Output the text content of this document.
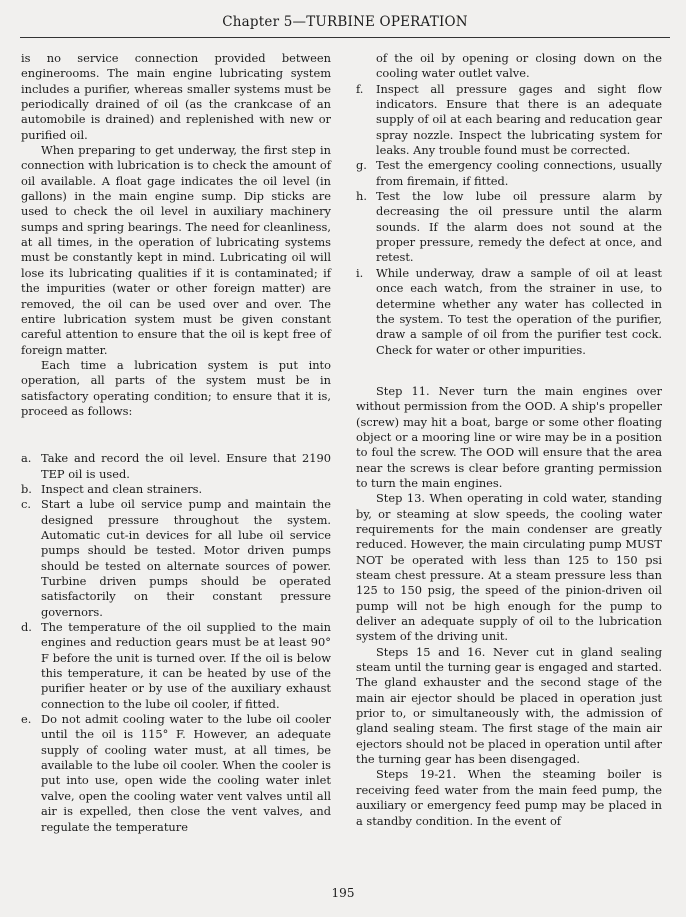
Chapter 5—TURBINE OPERATION

is no service connection provided between enginerooms. The main engine lubricating system includes a purifier, whereas smaller systems must be periodically drained of oil (as the crankcase of an automobile is drained) and replenished with new or purified oil.

When preparing to get underway, the first step in connection with lubrication is to check the amount of oil available. A float gage indicates the oil level (in gallons) in the main engine sump. Dip sticks are used to check the oil level in auxiliary machinery sumps and spring bearings. The need for cleanliness, at all times, in the operation of lubricating systems must be constantly kept in mind. Lubricating oil will lose its lubricating qualities if it is contaminated; if the impurities (water or other foreign matter) are removed, the oil can be used over and over. The entire lubrication system must be given constant careful attention to ensure that the oil is kept free of foreign matter.

Each time a lubrication system is put into operation, all parts of the system must be in satisfactory operating condition; to ensure that it is, proceed as follows:

a. Take and record the oil level. Ensure that 2190 TEP oil is used.
b. Inspect and clean strainers.
c. Start a lube oil service pump and maintain the designed pressure throughout the system. Automatic cut-in devices for all lube oil service pumps should be tested. Motor driven pumps should be tested on alternate sources of power. Turbine driven pumps should be operated satisfactorily on their constant pressure governors.
d. The temperature of the oil supplied to the main engines and reduction gears must be at least 90° F before the unit is turned over. If the oil is below this temperature, it can be heated by use of the purifier heater or by use of the auxiliary exhaust connection to the lube oil cooler, if fitted.
e. Do not admit cooling water to the lube oil cooler until the oil is 115° F. However, an adequate supply of cooling water must, at all times, be available to the lube oil cooler. When the cooler is put into use, open wide the cooling water inlet valve, open the cooling water vent valves until all air is expelled, then close the vent valves, and regulate the temperature

of the oil by opening or closing down on the cooling water outlet valve.

f.	Inspect all pressure gages and sight flow indicators. Ensure that there is an adequate supply of oil at each bearing and reducation gear spray nozzle. Inspect the lubricating system for leaks. Any trouble found must be corrected.
g. Test the emergency cooling connections, usually from firemain, if fitted.
h. Test the low lube oil pressure alarm by decreasing the oil pressure until the alarm sounds. If the alarm does not sound at the proper pressure, remedy the defect at once, and retest.
i.	While underway, draw a sample of oil at least once each watch, from the strainer in use, to determine whether any water has collected in the system. To test the operation of the purifier, draw a sample of oil from the purifier test cock. Check for water or other impurities.

Step 11. Never turn the main engines over without permission from the OOD. A ship's propeller (screw) may hit a boat, barge or some other floating object or a mooring line or wire may be in a position to foul the screw. The OOD will ensure that the area near the screws is clear before granting permission to turn the main engines.

Step 13. When operating in cold water, standing by, or steaming at slow speeds, the cooling water requirements for the main condenser are greatly reduced. However, the main circulating pump MUST NOT be operated with less than 125 to 150 psi steam chest pressure. At a steam pressure less than 125 to 150 psig, the speed of the pinion-driven oil pump will not be high enough for the pump to deliver an adequate supply of oil to the lubrication system of the driving unit.

Steps 15 and 16. Never cut in gland sealing steam until the turning gear is engaged and started. The gland exhauster and the second stage of the main air ejector should be placed in operation just prior to, or simultaneously with, the admission of gland sealing steam. The first stage of the main air ejectors should not be placed in operation until after the turning gear has been disengaged.

Steps 19-21. When the steaming boiler is receiving feed water from the main feed pump, the auxiliary or emergency feed pump may be placed in a standby condition. In the event of

195
